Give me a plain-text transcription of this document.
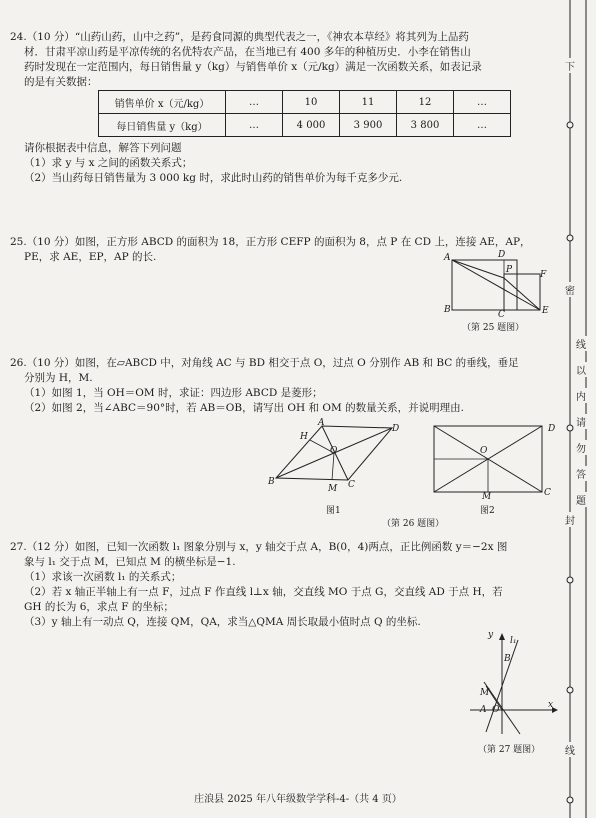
24.（10 分）“山药山药，山中之药”，是药食同源的典型代表之一，《神农本草经》将其列为上品药
材．甘肃平凉山药是平凉传统的名优特农产品，在当地已有 400 多年的种植历史．小李在销售山
药时发现在一定范围内，每日销售量 y（kg）与销售单价 x（元/kg）满足一次函数关系，如表记录
的是有关数据：
销售单价 x（元/kg）	…	10	11	12	…
每日销售量 y（kg）	…	4 000	3 900	3 800	…
请你根据表中信息，解答下列问题
（1）求 y 与 x 之间的函数关系式；
（2）当山药每日销售量为 3 000 kg 时，求此时山药的销售单价为每千克多少元.
25.（10 分）如图，正方形 ABCD 的面积为 18，正方形 CEFP 的面积为 8，点 P 在 CD 上，连接 AE，AP，
PE，求 AE，EP，AP 的长.	A	D
P	F
B	C	E
（第 25 题图）
26.（10 分）如图，在▱ABCD 中，对角线 AC 与 BD 相交于点 O，过点 O 分别作 AB 和 BC 的垂线，垂足
分别为 H，M.
（1）如图 1，当 OH＝OM 时，求证：四边形 ABCD 是菱形；
（2）如图 2，当∠ABC＝90°时，若 AB＝OB，请写出 OH 和 OM 的数量关系，并说明理由.
A
D
H
O
B
M C
图1
D
O
M	C
图2
（第 26 题图）
27.（12 分）如图，已知一次函数 l₁ 图象分别与 x，y 轴交于点 A，B(0，4)两点，正比例函数 y＝−2x 图
象与 l₁ 交于点 M，已知点 M 的横坐标是−1.
（1）求该一次函数 l₁ 的关系式；
（2）若 x 轴正半轴上有一点 F，过点 F 作直线 l⊥x 轴，交直线 MO 于点 G，交直线 AD 于点 H，若
GH 的长为 6，求点 F 的坐标；
（3）y 轴上有一动点 Q，连接 QM，QA，求当△QMA 周长取最小值时点 Q 的坐标.
y
l₁
B
M
O
A	x
（第 27 题图）
庄浪县 2025 年八年级数学学科-4-（共 4 页）
下
密
线
以
内
请
勿
答
题
封
线
